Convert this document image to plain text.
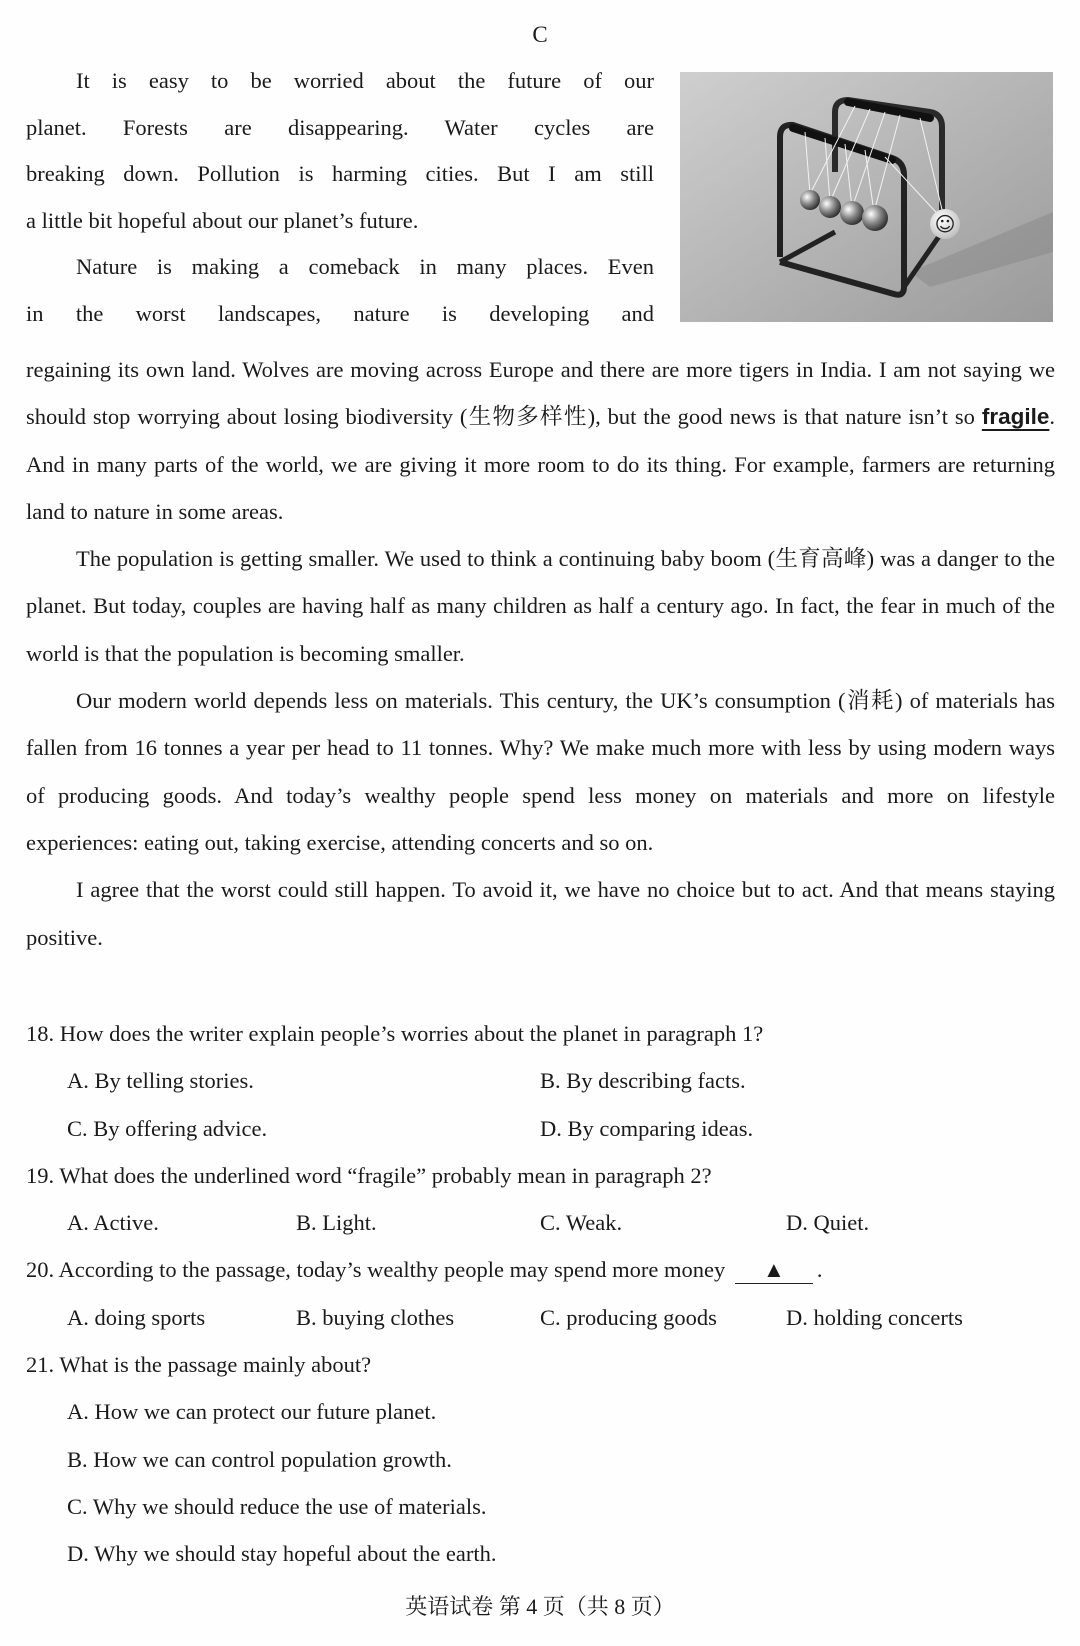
C
It is easy to be worried about the future of our
planet. Forests are disappearing. Water cycles are
breaking down. Pollution is harming cities. But I am still
a little bit hopeful about our planet’s future.
Nature is making a comeback in many places. Even
in the worst landscapes, nature is developing and
☺

regaining its own land. Wolves are moving across Europe and there are more tigers in India. I am not saying we should stop worrying about losing biodiversity (生物多样性), but the good news is that nature isn’t so fragile. And in many parts of the world, we are giving it more room to do its thing. For example, farmers are returning land to nature in some areas.

The population is getting smaller. We used to think a continuing baby boom (生育高峰) was a danger to the planet. But today, couples are having half as many children as half a century ago. In fact, the fear in much of the world is that the population is becoming smaller.

Our modern world depends less on materials. This century, the UK’s consumption (消耗) of materials has fallen from 16 tonnes a year per head to 11 tonnes. Why? We make much more with less by using modern ways of producing goods. And today’s wealthy people spend less money on materials and more on lifestyle experiences: eating out, taking exercise, attending concerts and so on.

I agree that the worst could still happen. To avoid it, we have no choice but to act. And that means staying positive.

18. How does the writer explain people’s worries about the planet in paragraph 1?

A. By telling stories.	B. By describing facts.
C. By offering advice.	D. By comparing ideas.

19. What does the underlined word “fragile” probably mean in paragraph 2?

A. Active.	B. Light.	C. Weak.	D. Quiet.

20. According to the passage, today’s wealthy people may spend more money ▲ .

A. doing sports	B. buying clothes	C. producing goods	D. holding concerts

21. What is the passage mainly about?

A. How we can protect our future planet.

B. How we can control population growth.

C. Why we should reduce the use of materials.

D. Why we should stay hopeful about the earth.

英语试卷 第 4 页（共 8 页）
